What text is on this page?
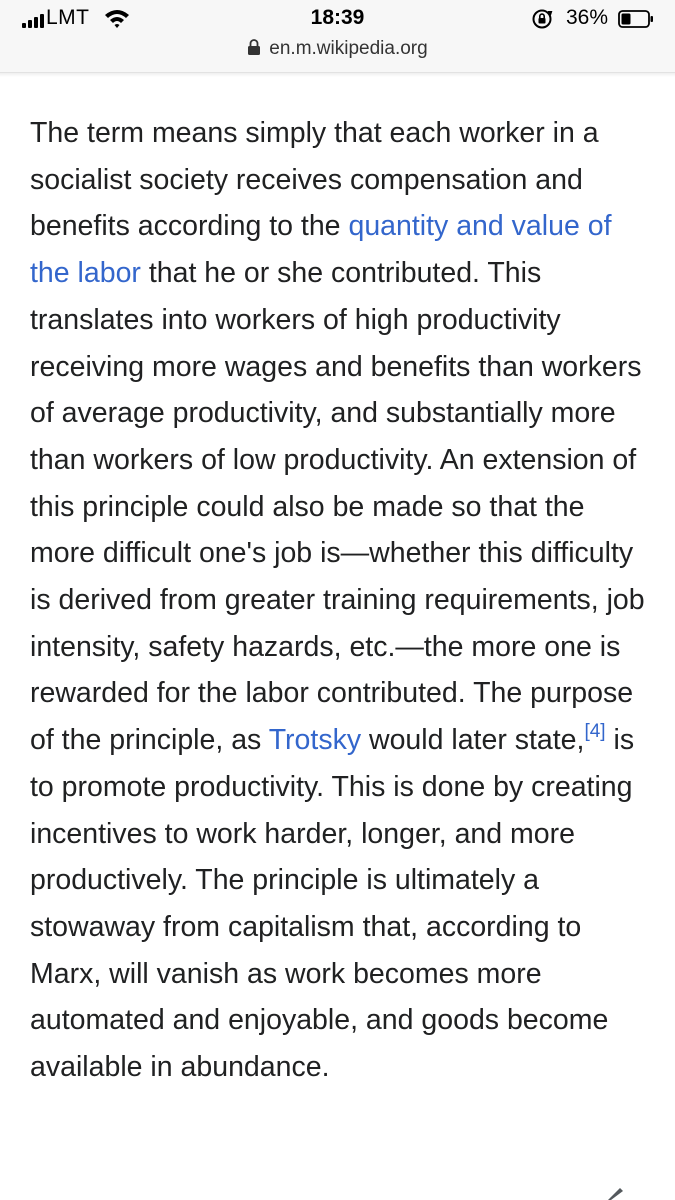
LMT	18:39	36%
en.m.wikipedia.org

The term means simply that each worker in a socialist society receives compensation and benefits according to the quantity and value of the labor that he or she contributed. This translates into workers of high productivity receiving more wages and benefits than workers of average productivity, and substantially more than workers of low productivity. An extension of this principle could also be made so that the more difficult one's job is—whether this difficulty is derived from greater training requirements, job intensity, safety hazards, etc.—the more one is rewarded for the labor contributed. The purpose of the principle, as Trotsky would later state,[4] is to promote productivity. This is done by creating incentives to work harder, longer, and more productively. The principle is ultimately a stowaway from capitalism that, according to Marx, will vanish as work becomes more automated and enjoyable, and goods become available in abundance.
